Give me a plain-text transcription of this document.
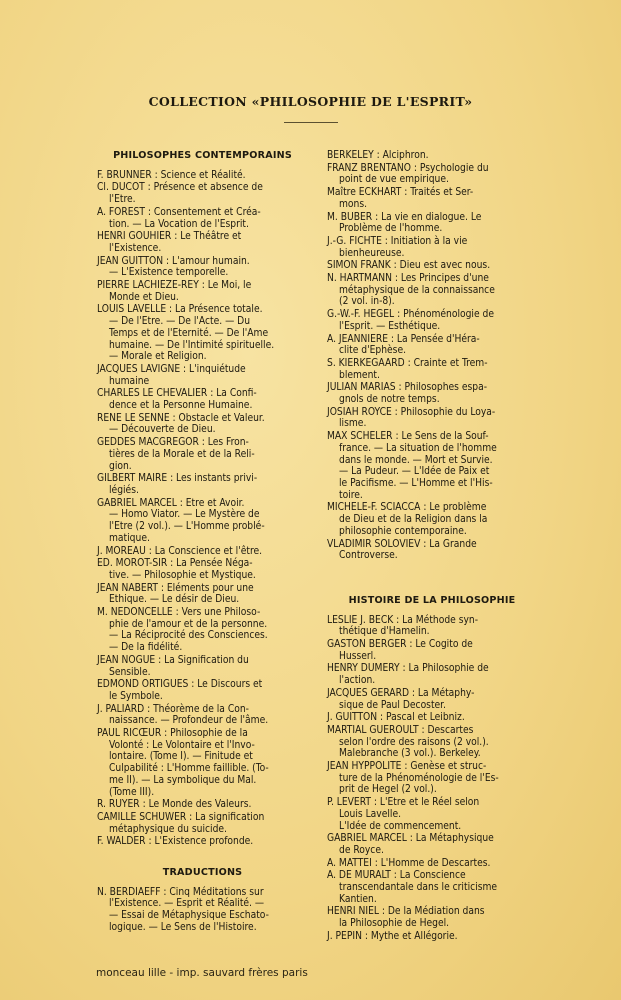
COLLECTION «PHILOSOPHIE DE L'ESPRIT»
PHILOSOPHES CONTEMPORAINS
F. BRUNNER : Science et Réalité.
Cl. DUCOT : Présence et absence de
l'Etre.
A. FOREST : Consentement et Créa-
tion. — La Vocation de l'Esprit.
HENRI GOUHIER : Le Théâtre et
l'Existence.
JEAN GUITTON : L'amour humain.
— L'Existence temporelle.
PIERRE LACHIEZE-REY : Le Moi, le
Monde et Dieu.
LOUIS LAVELLE : La Présence totale.
— De l'Etre. — De l'Acte. — Du
Temps et de l'Eternité. — De l'Ame
humaine. — De l'Intimité spirituelle.
— Morale et Religion.
JACQUES LAVIGNE : L'inquiétude
humaine
CHARLES LE CHEVALIER : La Confi-
dence et la Personne Humaine.
RENE LE SENNE : Obstacle et Valeur.
— Découverte de Dieu.
GEDDES MACGREGOR : Les Fron-
tières de la Morale et de la Reli-
gion.
GILBERT MAIRE : Les instants privi-
légiés.
GABRIEL MARCEL : Etre et Avoir.
— Homo Viator. — Le Mystère de
l'Etre (2 vol.). — L'Homme problé-
matique.
J. MOREAU : La Conscience et l'être.
ED. MOROT-SIR : La Pensée Néga-
tive. — Philosophie et Mystique.
JEAN NABERT : Eléments pour une
Ethique. — Le désir de Dieu.
M. NEDONCELLE : Vers une Philoso-
phie de l'amour et de la personne.
— La Réciprocité des Consciences.
— De la fidélité.
JEAN NOGUE : La Signification du
Sensible.
EDMOND ORTIGUES : Le Discours et
le Symbole.
J. PALIARD : Théorème de la Con-
naissance. — Profondeur de l'âme.
PAUL RICŒUR : Philosophie de la
Volonté : Le Volontaire et l'Invo-
lontaire. (Tome I). — Finitude et
Culpabilité : L'Homme faillible. (To-
me II). — La symbolique du Mal.
(Tome III).
R. RUYER : Le Monde des Valeurs.
CAMILLE SCHUWER : La signification
métaphysique du suicide.
F. WALDER : L'Existence profonde.
TRADUCTIONS
N. BERDIAEFF : Cinq Méditations sur
l'Existence. — Esprit et Réalité. —
— Essai de Métaphysique Eschato-
logique. — Le Sens de l'Histoire.
BERKELEY : Alciphron.
FRANZ BRENTANO : Psychologie du
point de vue empirique.
Maître ECKHART : Traités et Ser-
mons.
M. BUBER : La vie en dialogue. Le
Problème de l'homme.
J.-G. FICHTE : Initiation à la vie
bienheureuse.
SIMON FRANK : Dieu est avec nous.
N. HARTMANN : Les Principes d'une
métaphysique de la connaissance
(2 vol. in-8).
G.-W.-F. HEGEL : Phénoménologie de
l'Esprit. — Esthétique.
A. JEANNIERE : La Pensée d'Héra-
clite d'Ephèse.
S. KIERKEGAARD : Crainte et Trem-
blement.
JULIAN MARIAS : Philosophes espa-
gnols de notre temps.
JOSIAH ROYCE : Philosophie du Loya-
lisme.
MAX SCHELER : Le Sens de la Souf-
france. — La situation de l'homme
dans le monde. — Mort et Survie.
— La Pudeur. — L'Idée de Paix et
le Pacifisme. — L'Homme et l'His-
toire.
MICHELE-F. SCIACCA : Le problème
de Dieu et de la Religion dans la
philosophie contemporaine.
VLADIMIR SOLOVIEV : La Grande
Controverse.
HISTOIRE DE LA PHILOSOPHIE
LESLIE J. BECK : La Méthode syn-
thétique d'Hamelin.
GASTON BERGER : Le Cogito de
Husserl.
HENRY DUMERY : La Philosophie de
l'action.
JACQUES GERARD : La Métaphy-
sique de Paul Decoster.
J. GUITTON : Pascal et Leibniz.
MARTIAL GUEROULT : Descartes
selon l'ordre des raisons (2 vol.).
Malebranche (3 vol.). Berkeley.
JEAN HYPPOLITE : Genèse et struc-
ture de la Phénoménologie de l'Es-
prit de Hegel (2 vol.).
P. LEVERT : L'Etre et le Réel selon
Louis Lavelle.
L'Idée de commencement.
GABRIEL MARCEL : La Métaphysique
de Royce.
A. MATTEI : L'Homme de Descartes.
A. DE MURALT : La Conscience
transcendantale dans le criticisme
Kantien.
HENRI NIEL : De la Médiation dans
la Philosophie de Hegel.
J. PEPIN : Mythe et Allégorie.
monceau lille - imp. sauvard frères paris
